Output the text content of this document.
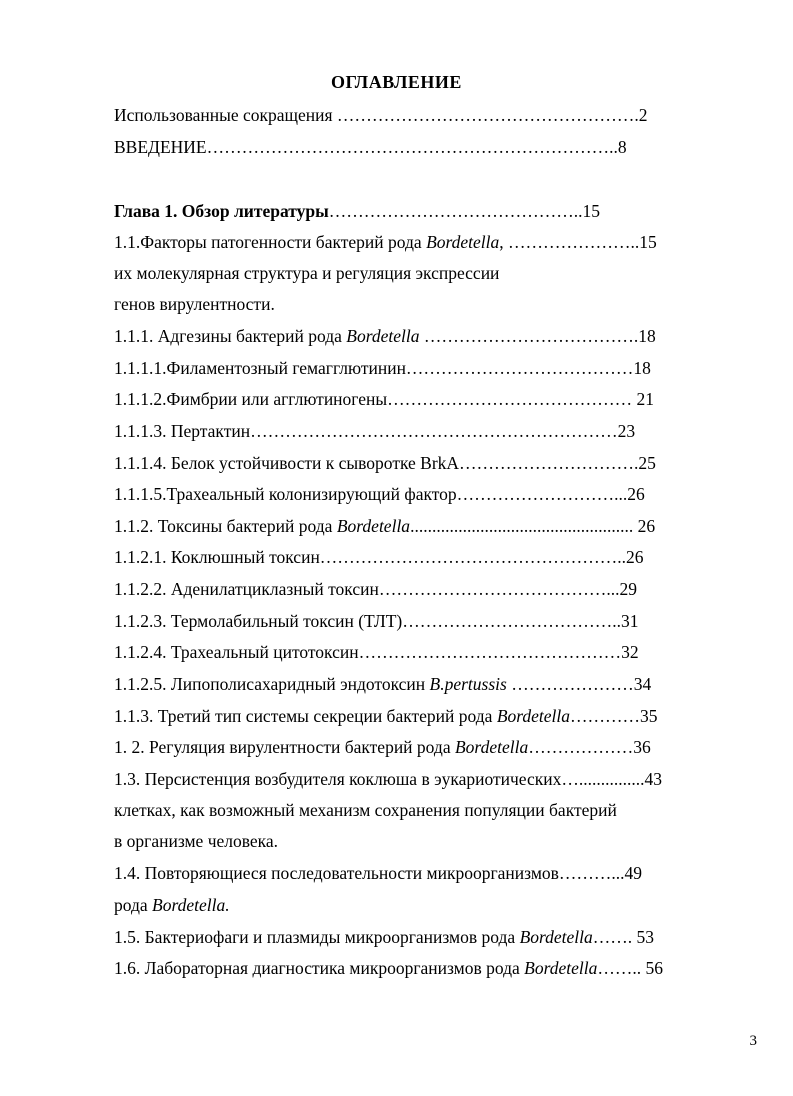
ОГЛАВЛЕНИЕ

Использованные сокращения …………………………………………….2

ВВЕДЕНИЕ……………………………………………………………..8

Глава 1. Обзор литературы……………………………………..15

1.1.Факторы патогенности бактерий рода Bordetella, …………………..15

их молекулярная структура и регуляция экспрессии

генов вирулентности.

1.1.1. Адгезины бактерий рода Bordetella ……………………………….18

1.1.1.1.Филаментозный гемагглютинин…………………………………18

1.1.1.2.Фимбрии или агглютиногены…………………………………… 21

1.1.1.3. Пертактин………………………………………………………23

1.1.1.4. Белок устойчивости к сыворотке BrkA………………………….25

1.1.1.5.Трахеальный колонизирующий фактор………………………...26

1.1.2. Токсины бактерий рода Bordetella................................................... 26

1.1.2.1. Коклюшный токсин……………………………………………..26

1.1.2.2. Аденилатциклазный токсин…………………………………...29

1.1.2.3. Термолабильный токсин (ТЛТ)………………………………..31

1.1.2.4. Трахеальный цитотоксин………………………………………32

1.1.2.5. Липополисахаридный эндотоксин B.pertussis …………………34

1.1.3. Третий тип системы секреции бактерий рода Bordetella…………35

1. 2. Регуляция вирулентности бактерий рода Bordetella………………36

1.3. Персистенция возбудителя коклюша в эукариотических…...............43

клетках, как возможный механизм сохранения популяции бактерий

в организме человека.

1.4. Повторяющиеся последовательности микроорганизмов………...49

рода Bordetella.

1.5. Бактериофаги и плазмиды микроорганизмов рода Bordetella……. 53

1.6. Лабораторная диагностика микроорганизмов рода Bordetella…….. 56

3
